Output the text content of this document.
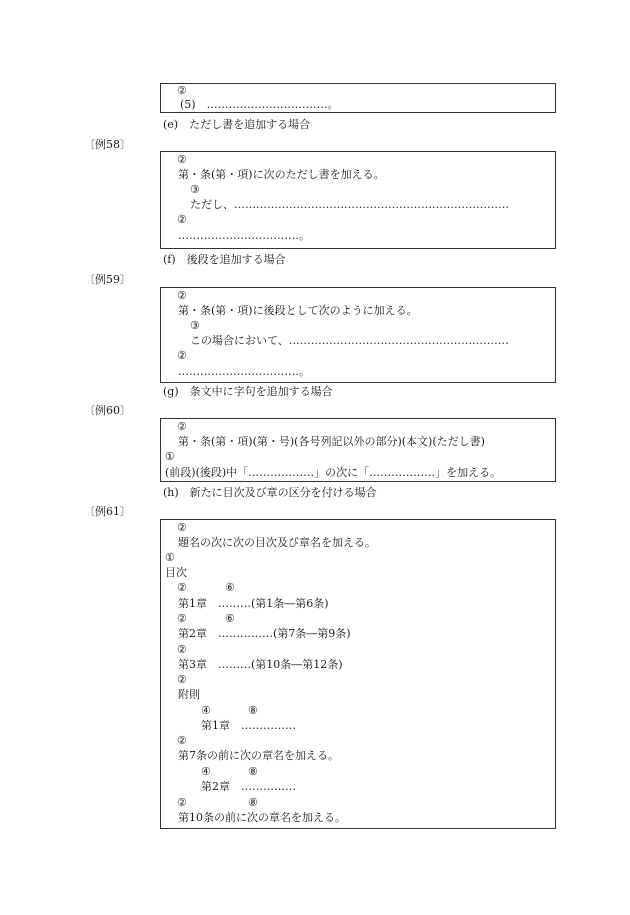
②
(5)　……………………………。
(e)　ただし書を追加する場合
〔例58〕
②
第・条(第・項)に次のただし書を加える。
③
ただし、…………………………………………………………………
②
……………………………。
(f)　後段を追加する場合
〔例59〕
②
第・条(第・項)に後段として次のように加える。
③
この場合において、……………………………………………………
②
……………………………。
(g)　条文中に字句を追加する場合
〔例60〕
②
第・条(第・項)(第・号)(各号列記以外の部分)(本文)(ただし書)
①
(前段)(後段)中「………………」の次に「………………」を加える。
(h)　新たに目次及び章の区分を付ける場合
〔例61〕
②
題名の次に次の目次及び章名を加える。
①
目次
②	⑥
第1章　………(第1条―第6条)
②	⑥
第2章　……………(第7条―第9条)
②
第3章　………(第10条―第12条)
②
附則
④	⑧
第1章　……………
②
第7条の前に次の章名を加える。
④	⑧
第2章　……………
②	⑧
第10条の前に次の章名を加える。
